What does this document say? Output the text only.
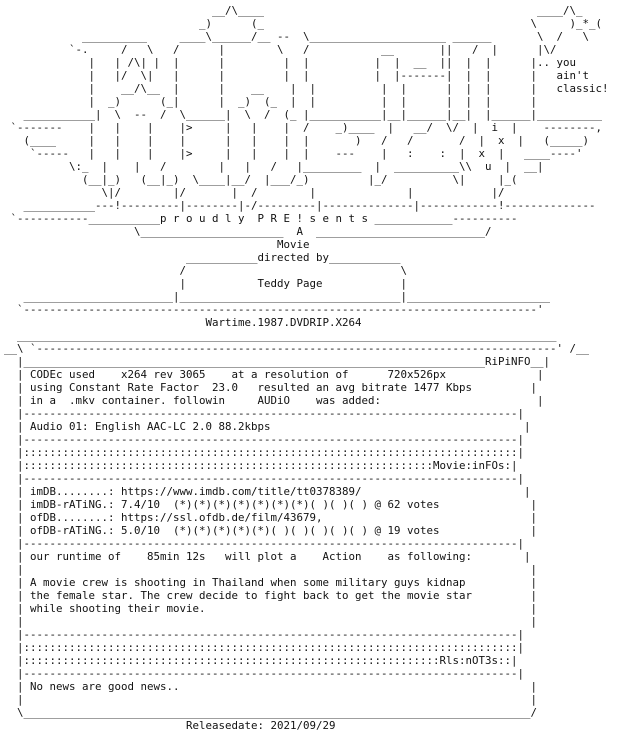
__/\____                                          ____/\_
_)      (_                                         \     )_*_(
__________     ____\______/__ --  \_____________________ ______       \  /   \
`-.     /   \   /      |        \   /           __       ||   /  |      |\/
|   | /\| |  |      |         |  |          |  |  __  ||  |  |      |.. you
|   |/  \|   |      |         |  |          |  |-------|  |  |      |   ain't
|    __/\__  |      |    __    |  |          |  |      |  |  |      |   classic!
|  _)      (_|      |  _)  (_  |  |          |  |      |  |  |      |
___________|  \  --  /  \______|  \  /  (_ |___________|__|______|__|  |______|__________
`-------    |   |    |    |>     |   |    |  /    _)____  |   __/  \/  |  i  |    --------,
(____     |   |    |    |      |   |    |  |       )   /   /       /  |  x  |   (_____)
`-----   |   |    |    |>     |   |    |  |    ---    |   :    :  |  x  |   ____----'
\:_  |    |   /        |   |   /   |_________  |  __________\\  u  |  __|
(__|_)   (__|_)  \____|__/  |___/_)         |_/          \|     |_(
\|/        |/       |  /        |              |            |/
___________---!---------|--------|-/---------|--------------|------------!--------------
`-----------___________p r o u d l y  P R E ! s e n t s ____________----------
\______________________  A  __________________________/
Movie
___________directed by___________
/                                 \
|           Teddy Page            |
_______________________|__________________________________|______________________
`-------------------------------------------------------------------------------'
Wartime.1987.DVDRIP.X264
___________________________________________________________________________________
__\ `--------------------------------------------------------------------------------' /__
|_______________________________________________________________________RiPiNFO__|
| CODEc used    x264 rev 3065    at a resolution of      720x526px              |
| using Constant Rate Factor  23.0   resulted an avg bitrate 1477 Kbps         |
| in a  .mkv container. followin     AUDiO    was added:                        |
|----------------------------------------------------------------------------|
| Audio 01: English AAC-LC 2.0 88.2kbps                                       |
|----------------------------------------------------------------------------|
|::::::::::::::::::::::::::::::::::::::::::::::::::::::::::::::::::::::::::::|
|:::::::::::::::::::::::::::::::::::::::::::::::::::::::::::::::Movie:inFOs:|
|----------------------------------------------------------------------------|
| imDB........: https://www.imdb.com/title/tt0378389/                         |
| imDB-rATiNG.: 7.4/10  (*)(*)(*)(*)(*)(*)(*)( )( )( ) @ 62 votes              |
| ofDB........: https://ssl.ofdb.de/film/43679,                                |
| ofDB-rATiNG.: 5.0/10  (*)(*)(*)(*)(*)( )( )( )( )( ) @ 19 votes              |
|----------------------------------------------------------------------------|
| our runtime of    85min 12s   will plot a    Action    as following:        |
|                                                                              |
| A movie crew is shooting in Thailand when some military guys kidnap          |
| the female star. The crew decide to fight back to get the movie star         |
| while shooting their movie.                                                  |
|                                                                              |
|----------------------------------------------------------------------------|
|::::::::::::::::::::::::::::::::::::::::::::::::::::::::::::::::::::::::::::|
|::::::::::::::::::::::::::::::::::::::::::::::::::::::::::::::::Rls:nOT3s::|
|----------------------------------------------------------------------------|
| No news are good news..                                                      |
|                                                                              |
\______________________________________________________________________________/
Releasedate: 2021/09/29
